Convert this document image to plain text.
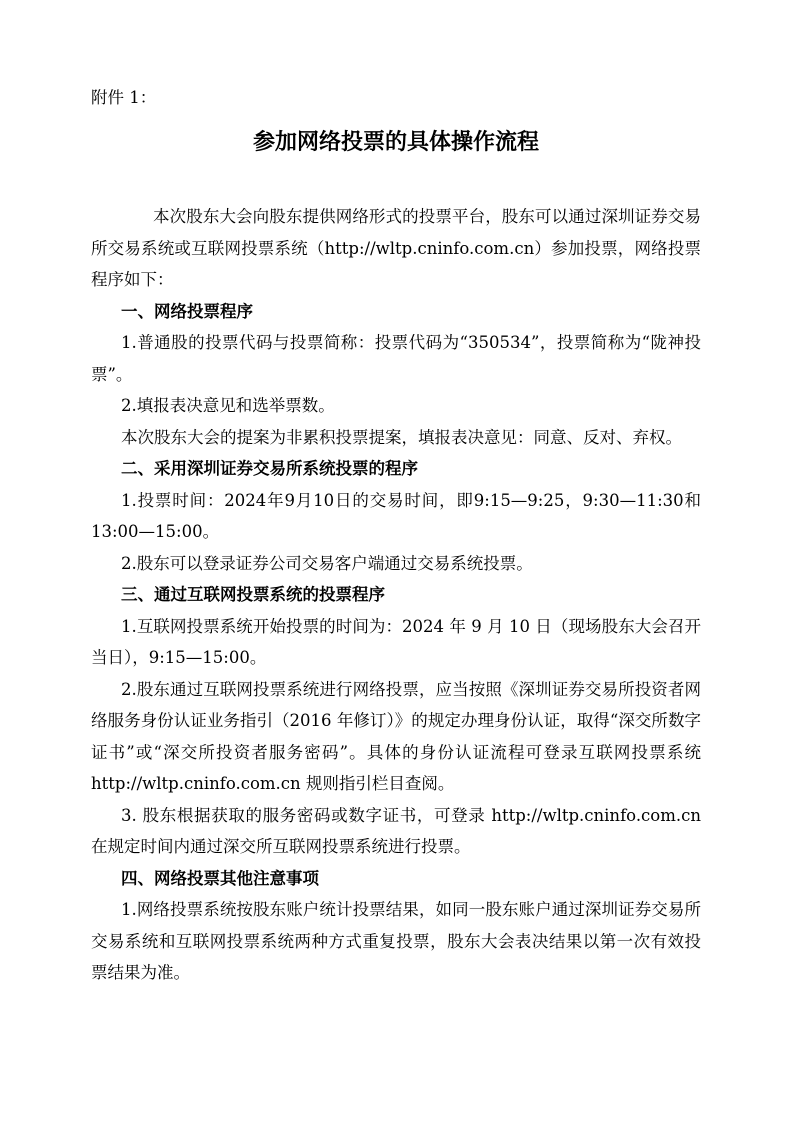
附件 1：

参加网络投票的具体操作流程

本次股东大会向股东提供网络形式的投票平台，股东可以通过深圳证券交易所交易系统或互联网投票系统（http://wltp.cninfo.com.cn）参加投票，网络投票程序如下：

一、网络投票程序

1.普通股的投票代码与投票简称：投票代码为“350534”，投票简称为“陇神投票”。

2.填报表决意见和选举票数。

本次股东大会的提案为非累积投票提案，填报表决意见：同意、反对、弃权。

二、采用深圳证券交易所系统投票的程序

1.投票时间：2024年9月10日的交易时间，即9:15—9:25，9:30—11:30和13:00—15:00。

2.股东可以登录证券公司交易客户端通过交易系统投票。

三、通过互联网投票系统的投票程序

1.互联网投票系统开始投票的时间为：2024 年 9 月 10 日（现场股东大会召开当日），9:15—15:00。

2.股东通过互联网投票系统进行网络投票，应当按照《深圳证券交易所投资者网络服务身份认证业务指引（2016 年修订）》的规定办理身份认证，取得“深交所数字证书”或“深交所投资者服务密码”。具体的身份认证流程可登录互联网投票系统 http://wltp.cninfo.com.cn 规则指引栏目查阅。

3. 股东根据获取的服务密码或数字证书，可登录 http://wltp.cninfo.com.cn 在规定时间内通过深交所互联网投票系统进行投票。

四、网络投票其他注意事项

1.网络投票系统按股东账户统计投票结果，如同一股东账户通过深圳证券交易所交易系统和互联网投票系统两种方式重复投票，股东大会表决结果以第一次有效投票结果为准。
